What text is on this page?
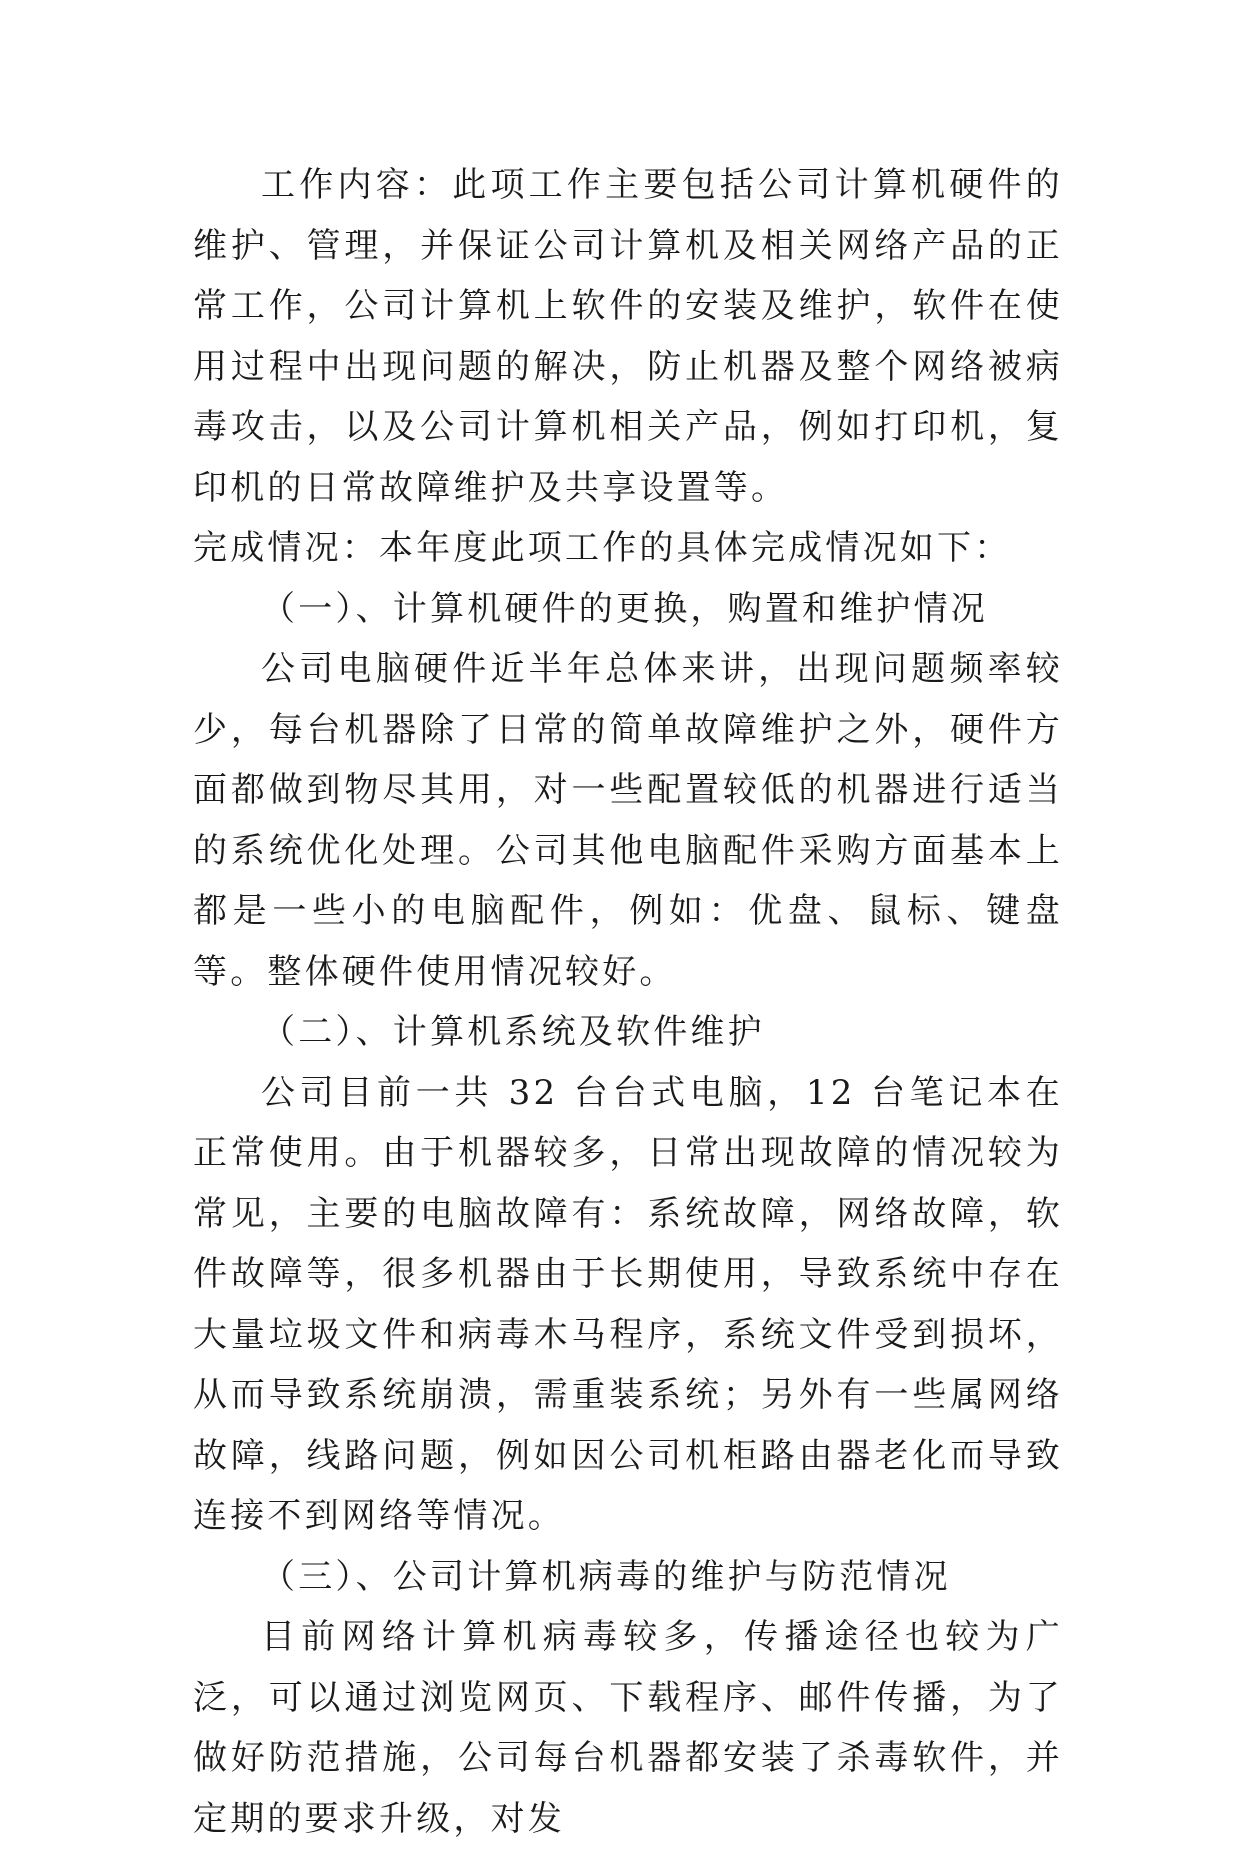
工作内容：此项工作主要包括公司计算机硬件的维护、管理，并保证公司计算机及相关网络产品的正常工作，公司计算机上软件的安装及维护，软件在使用过程中出现问题的解决，防止机器及整个网络被病毒攻击，以及公司计算机相关产品，例如打印机，复印机的日常故障维护及共享设置等。

完成情况：本年度此项工作的具体完成情况如下：

（一）、计算机硬件的更换，购置和维护情况

公司电脑硬件近半年总体来讲，出现问题频率较少，每台机器除了日常的简单故障维护之外，硬件方面都做到物尽其用，对一些配置较低的机器进行适当的系统优化处理。公司其他电脑配件采购方面基本上都是一些小的电脑配件，例如：优盘、鼠标、键盘等。整体硬件使用情况较好。

（二）、计算机系统及软件维护

公司目前一共 32 台台式电脑，12 台笔记本在正常使用。由于机器较多，日常出现故障的情况较为常见，主要的电脑故障有：系统故障，网络故障，软件故障等，很多机器由于长期使用，导致系统中存在大量垃圾文件和病毒木马程序，系统文件受到损坏，从而导致系统崩溃，需重装系统；另外有一些属网络故障，线路问题，例如因公司机柜路由器老化而导致连接不到网络等情况。

（三）、公司计算机病毒的维护与防范情况

目前网络计算机病毒较多，传播途径也较为广泛，可以通过浏览网页、下载程序、邮件传播，为了做好防范措施，公司每台机器都安装了杀毒软件，并定期的要求升级，对发
